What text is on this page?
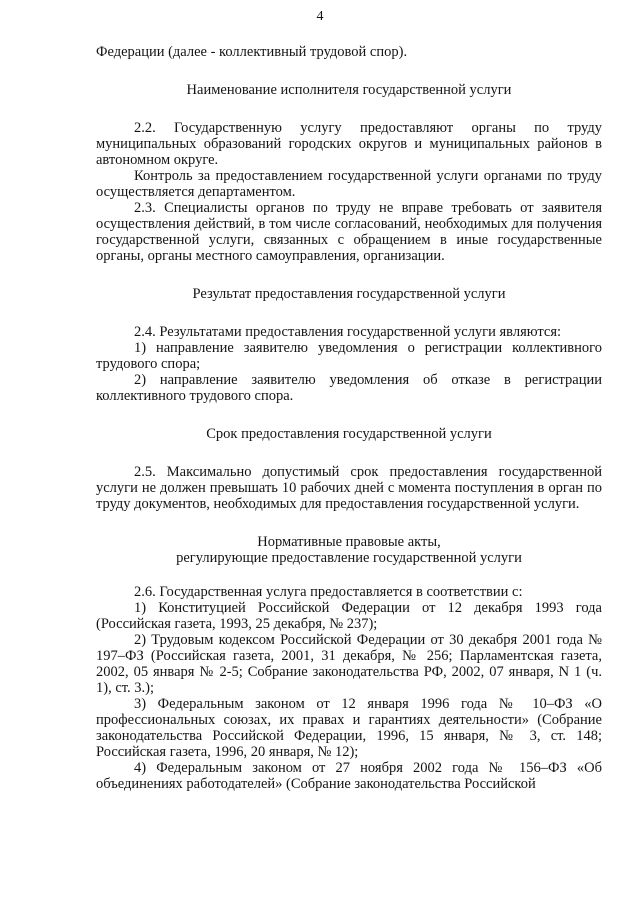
4

Федерации (далее - коллективный трудовой спор).

Наименование исполнителя государственной услуги

2.2. Государственную услугу предоставляют органы по труду муниципальных образований городских округов и муниципальных районов в автономном округе.

Контроль за предоставлением государственной услуги органами по труду осуществляется департаментом.

2.3. Специалисты органов по труду не вправе требовать от заявителя осуществления действий, в том числе согласований, необходимых для получения государственной услуги, связанных с обращением в иные государственные органы, органы местного самоуправления, организации.

Результат предоставления государственной услуги

2.4. Результатами предоставления государственной услуги являются:

1) направление заявителю уведомления о регистрации коллективного трудового спора;

2) направление заявителю уведомления об отказе в регистрации коллективного трудового спора.

Срок предоставления государственной услуги

2.5. Максимально допустимый срок предоставления государственной услуги не должен превышать 10 рабочих дней с момента поступления в орган по труду документов, необходимых для предоставления государственной услуги.

Нормативные правовые акты,
регулирующие предоставление государственной услуги

2.6. Государственная услуга предоставляется в соответствии с:

1) Конституцией Российской Федерации от 12 декабря 1993 года (Российская газета, 1993, 25 декабря, № 237);

2) Трудовым кодексом Российской Федерации от 30 декабря 2001 года № 197–ФЗ (Российская газета, 2001, 31 декабря, № 256; Парламентская газета, 2002, 05 января № 2-5; Собрание законодательства РФ, 2002, 07 января, N 1 (ч. 1), ст. 3.);

3) Федеральным законом от 12 января 1996 года № 10–ФЗ «О профессиональных союзах, их правах и гарантиях деятельности» (Собрание законодательства Российской Федерации, 1996, 15 января, № 3, ст. 148; Российская газета, 1996, 20 января, № 12);

4) Федеральным законом от 27 ноября 2002 года № 156–ФЗ «Об объединениях работодателей» (Собрание законодательства Российской
